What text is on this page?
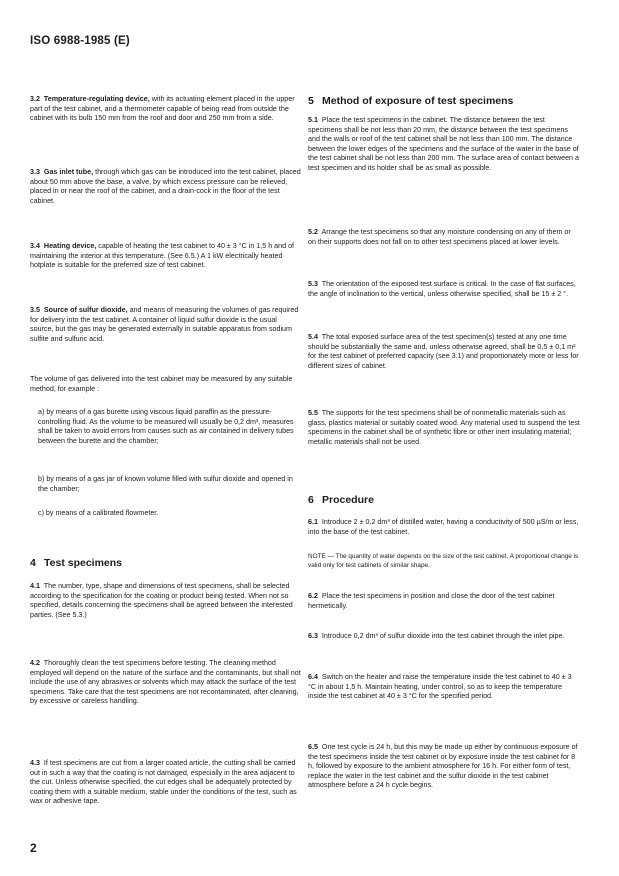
ISO 6988-1985 (E)

3.2 Temperature-regulating device, with its actuating element placed in the upper part of the test cabinet, and a thermometer capable of being read from outside the cabinet with its bulb 150 mm from the roof and door and 250 mm from a side.

3.3 Gas inlet tube, through which gas can be introduced into the test cabinet, placed about 50 mm above the base, a valve, by which excess pressure can be relieved, placed in or near the roof of the cabinet, and a drain-cock in the floor of the test cabinet.

3.4 Heating device, capable of heating the test cabinet to 40 ± 3 °C in 1,5 h and of maintaining the interior at this temperature. (See 6.5.) A 1 kW electrically heated hotplate is suitable for the preferred size of test cabinet.

3.5 Source of sulfur dioxide, and means of measuring the volumes of gas required for delivery into the test cabinet. A container of liquid sulfur dioxide is the usual source, but the gas may be generated externally in suitable apparatus from sodium sulfite and sulfuric acid.

The volume of gas delivered into the test cabinet may be measured by any suitable method, for example :

a) by means of a gas burette using viscous liquid paraffin as the pressure-controlling fluid. As the volume to be measured will usually be 0,2 dm³, measures shall be taken to avoid errors from causes such as air contained in delivery tubes between the burette and the chamber;

b) by means of a gas jar of known volume filled with sulfur dioxide and opened in the chamber;

c) by means of a calibrated flowmeter.

4 Test specimens

4.1 The number, type, shape and dimensions of test specimens, shall be selected according to the specification for the coating or product being tested. When not so specified, details concerning the specimens shall be agreed between the interested parties. (See 5.3.)

4.2 Thoroughly clean the test specimens before testing. The cleaning method employed will depend on the nature of the surface and the contaminants, but shall not include the use of any abrasives or solvents which may attack the surface of the test specimens. Take care that the test specimens are not recontaminated, after cleaning, by excessive or careless handling.

4.3 If test specimens are cut from a larger coated article, the cutting shall be carried out in such a way that the coating is not damaged, especially in the area adjacent to the cut. Unless otherwise specified, the cut edges shall be adequately protected by coating them with a suitable medium, stable under the conditions of the test, such as wax or adhesive tape.

5 Method of exposure of test specimens

5.1 Place the test specimens in the cabinet. The distance between the test specimens shall be not less than 20 mm, the distance between the test specimens and the walls or roof of the test cabinet shall be not less than 100 mm. The distance between the lower edges of the specimens and the surface of the water in the base of the test cabinet shall be not less than 200 mm. The surface area of contact between a test specimen and its holder shall be as small as possible.

5.2 Arrange the test specimens so that any moisture condensing on any of them or on their supports does not fall on to other test specimens placed at lower levels.

5.3 The orientation of the exposed test surface is critical. In the case of flat surfaces, the angle of inclination to the vertical, unless otherwise specified, shall be 15 ± 2 °.

5.4 The total exposed surface area of the test specimen(s) tested at any one time should be substantially the same and, unless otherwise agreed, shall be 0,5 ± 0,1 m² for the test cabinet of preferred capacity (see 3.1) and proportionately more or less for different sizes of cabinet.

5.5 The supports for the test specimens shall be of nonmetallic materials such as glass, plastics material or suitably coated wood. Any material used to suspend the test specimens in the cabinet shall be of synthetic fibre or other inert insulating material; metallic materials shall not be used.

6 Procedure

6.1 Introduce 2 ± 0,2 dm³ of distilled water, having a conductivity of 500 µS/m or less, into the base of the test cabinet.

NOTE — The quantity of water depends on the size of the test cabinet. A proportional change is valid only for test cabinets of similar shape.

6.2 Place the test specimens in position and close the door of the test cabinet hermetically.

6.3 Introduce 0,2 dm³ of sulfur dioxide into the test cabinet through the inlet pipe.

6.4 Switch on the heater and raise the temperature inside the test cabinet to 40 ± 3 °C in about 1,5 h. Maintain heating, under control, so as to keep the temperature inside the test cabinet at 40 ± 3 °C for the specified period.

6.5 One test cycle is 24 h, but this may be made up either by continuous exposure of the test specimens inside the test cabinet or by exposure inside the test cabinet for 8 h, followed by exposure to the ambient atmosphere for 16 h. For either form of test, replace the water in the test cabinet and the sulfur dioxide in the test cabinet atmosphere before a 24 h cycle begins.

2
